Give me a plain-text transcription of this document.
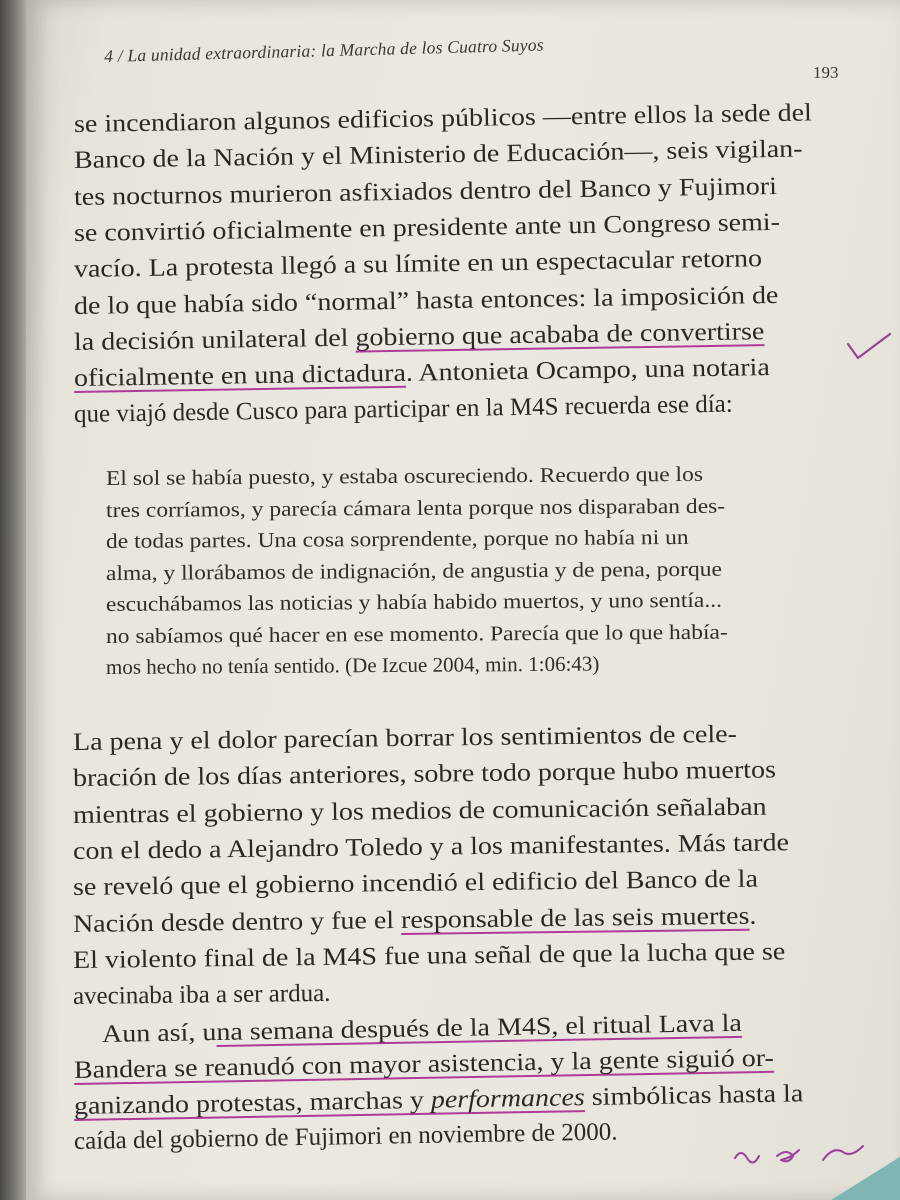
4 / La unidad extraordinaria: la Marcha de los Cuatro Suyos
193
se incendiaron algunos edificios públicos —entre ellos la sede del
Banco de la Nación y el Ministerio de Educación—, seis vigilan-
tes nocturnos murieron asfixiados dentro del Banco y Fujimori
se convirtió oficialmente en presidente ante un Congreso semi-
vacío. La protesta llegó a su límite en un espectacular retorno
de lo que había sido “normal” hasta entonces: la imposición de
la decisión unilateral del gobierno que acababa de convertirse
oficialmente en una dictadura. Antonieta Ocampo, una notaria
que viajó desde Cusco para participar en la M4S recuerda ese día:
El sol se había puesto, y estaba oscureciendo. Recuerdo que los
tres corríamos, y parecía cámara lenta porque nos disparaban des-
de todas partes. Una cosa sorprendente, porque no había ni un
alma, y llorábamos de indignación, de angustia y de pena, porque
escuchábamos las noticias y había habido muertos, y uno sentía...
no sabíamos qué hacer en ese momento. Parecía que lo que había-
mos hecho no tenía sentido. (De Izcue 2004, min. 1:06:43)
La pena y el dolor parecían borrar los sentimientos de cele-
bración de los días anteriores, sobre todo porque hubo muertos
mientras el gobierno y los medios de comunicación señalaban
con el dedo a Alejandro Toledo y a los manifestantes. Más tarde
se reveló que el gobierno incendió el edificio del Banco de la
Nación desde dentro y fue el responsable de las seis muertes.
El violento final de la M4S fue una señal de que la lucha que se
avecinaba iba a ser ardua.
Aun así, una semana después de la M4S, el ritual Lava la
Bandera se reanudó con mayor asistencia, y la gente siguió or-
ganizando protestas, marchas y performances simbólicas hasta la
caída del gobierno de Fujimori en noviembre de 2000.
